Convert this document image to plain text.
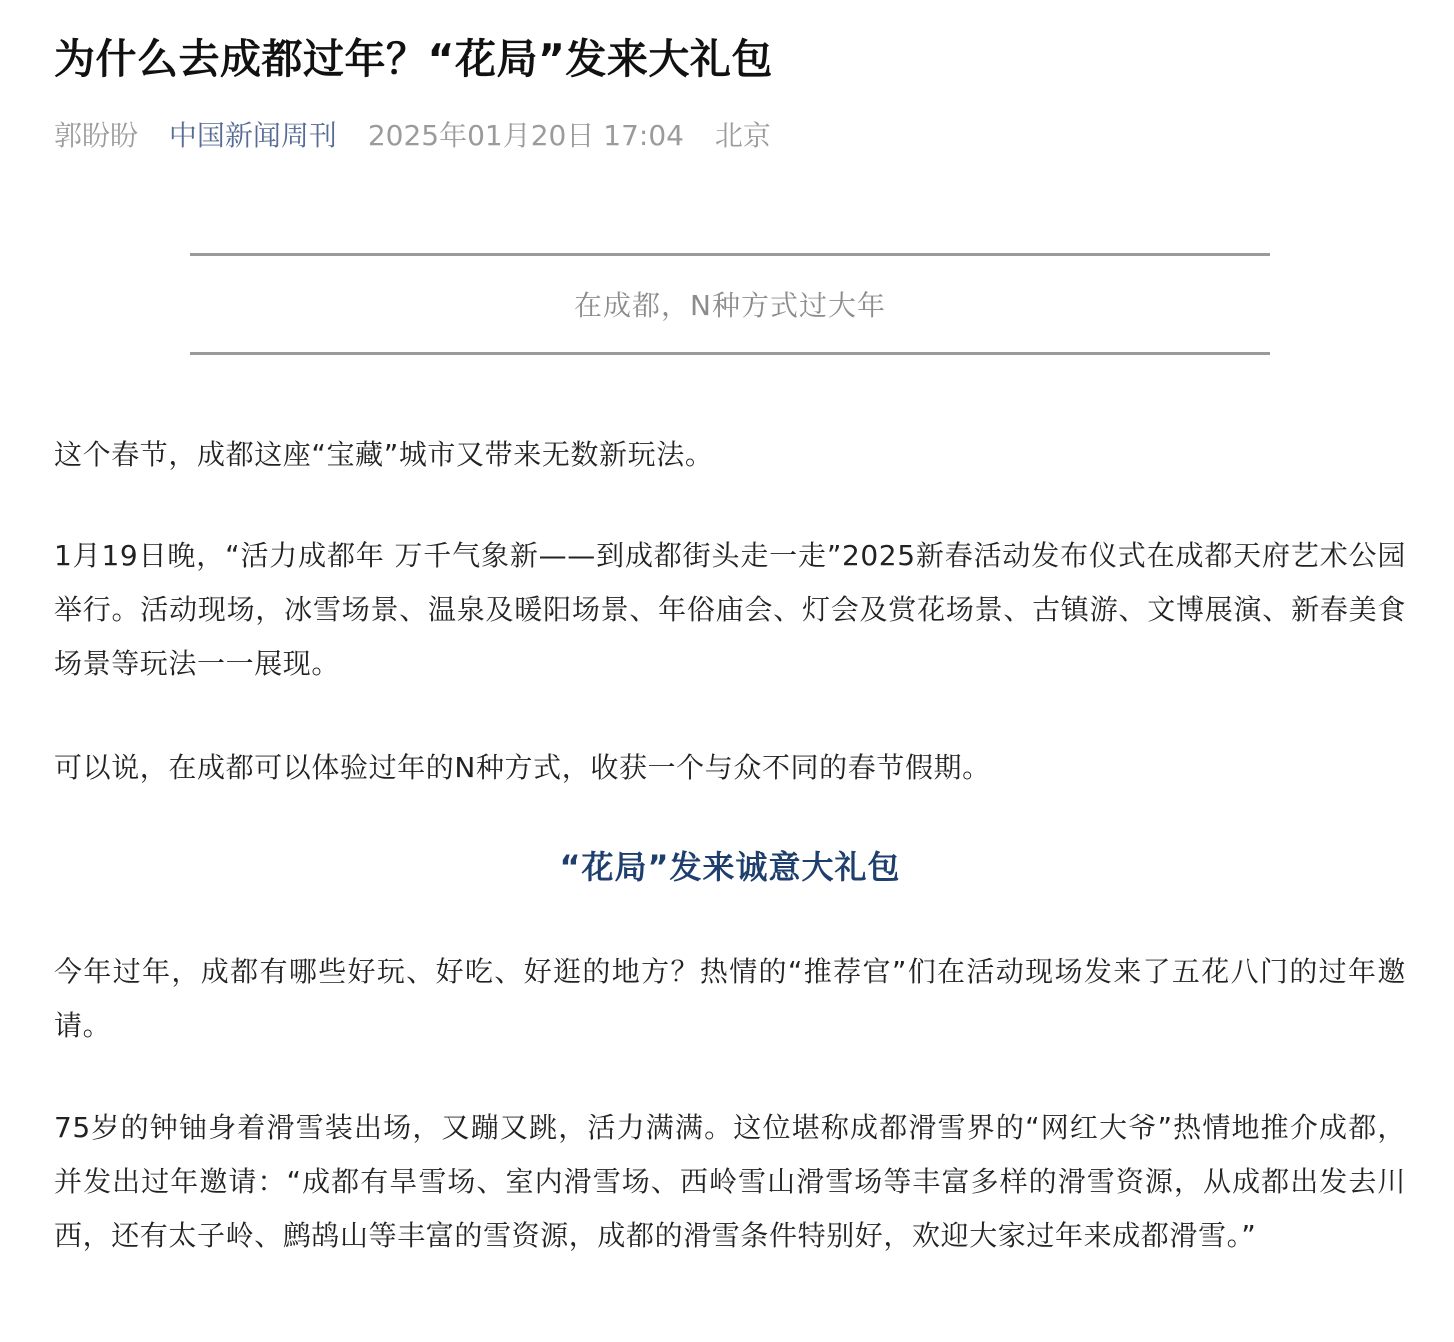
为什么去成都过年？“花局”发来大礼包
郭盼盼 中国新闻周刊 2025年01月20日 17:04 北京
在成都，N种方式过大年

这个春节，成都这座“宝藏”城市又带来无数新玩法。

1月19日晚，“活力成都年 万千气象新——到成都街头走一走”2025新春活动发布仪式在成都天府艺术公园举行。活动现场，冰雪场景、温泉及暖阳场景、年俗庙会、灯会及赏花场景、古镇游、文博展演、新春美食场景等玩法一一展现。

可以说，在成都可以体验过年的N种方式，收获一个与众不同的春节假期。

“花局”发来诚意大礼包

今年过年，成都有哪些好玩、好吃、好逛的地方？热情的“推荐官”们在活动现场发来了五花八门的过年邀请。

75岁的钟铀身着滑雪装出场，又蹦又跳，活力满满。这位堪称成都滑雪界的“网红大爷”热情地推介成都，并发出过年邀请：“成都有旱雪场、室内滑雪场、西岭雪山滑雪场等丰富多样的滑雪资源，从成都出发去川西，还有太子岭、鹧鸪山等丰富的雪资源，成都的滑雪条件特别好，欢迎大家过年来成都滑雪。”
